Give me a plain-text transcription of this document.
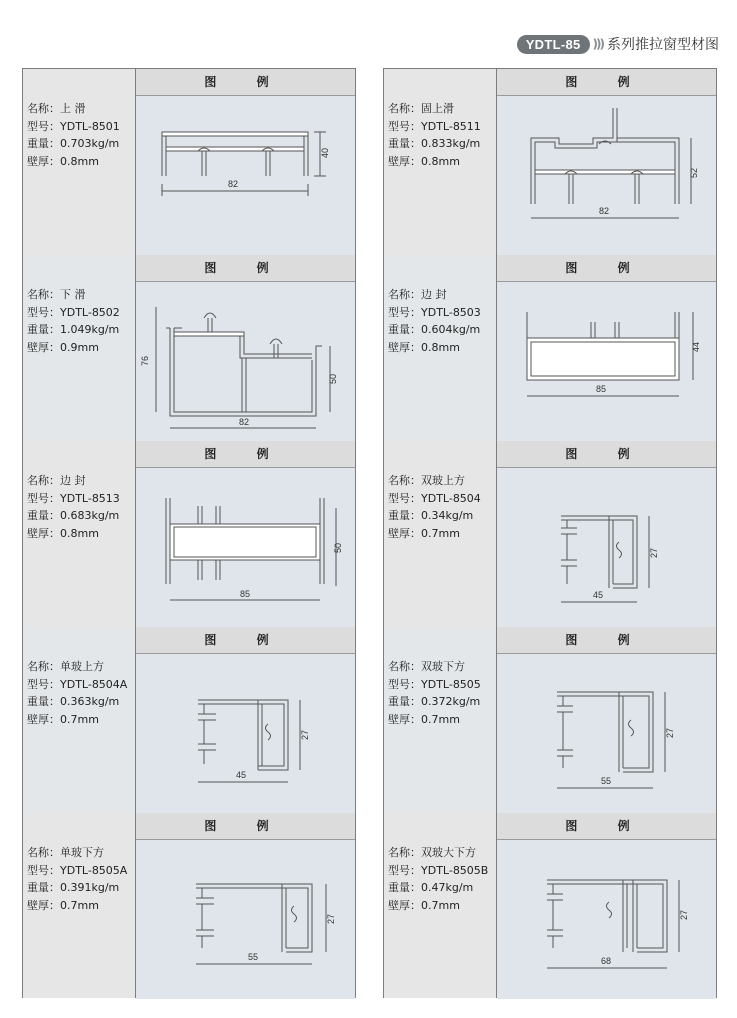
YDTL-85	))) 系列推拉窗型材图
名称：上 滑
型号：YDTL-8501
重量：0.703kg/m
壁厚：0.8mm
图 例
82
40
名称：下 滑
型号：YDTL-8502
重量：1.049kg/m
壁厚：0.9mm
图 例
76
50
82
名称：边 封
型号：YDTL-8513
重量：0.683kg/m
壁厚：0.8mm
图 例
85
50
名称：单玻上方
型号：YDTL-8504A
重量：0.363kg/m
壁厚：0.7mm
图 例
45
27
名称：单玻下方
型号：YDTL-8505A
重量：0.391kg/m
壁厚：0.7mm
图 例
55
27
名称：固上滑
型号：YDTL-8511
重量：0.833kg/m
壁厚：0.8mm
图 例
82
52
名称：边 封
型号：YDTL-8503
重量：0.604kg/m
壁厚：0.8mm
图 例
85
44
名称：双玻上方
型号：YDTL-8504
重量：0.34kg/m
壁厚：0.7mm
图 例
45
27
名称：双玻下方
型号：YDTL-8505
重量：0.372kg/m
壁厚：0.7mm
图 例
55
27
名称：双玻大下方
型号：YDTL-8505B
重量：0.47kg/m
壁厚：0.7mm
图 例
68
27
